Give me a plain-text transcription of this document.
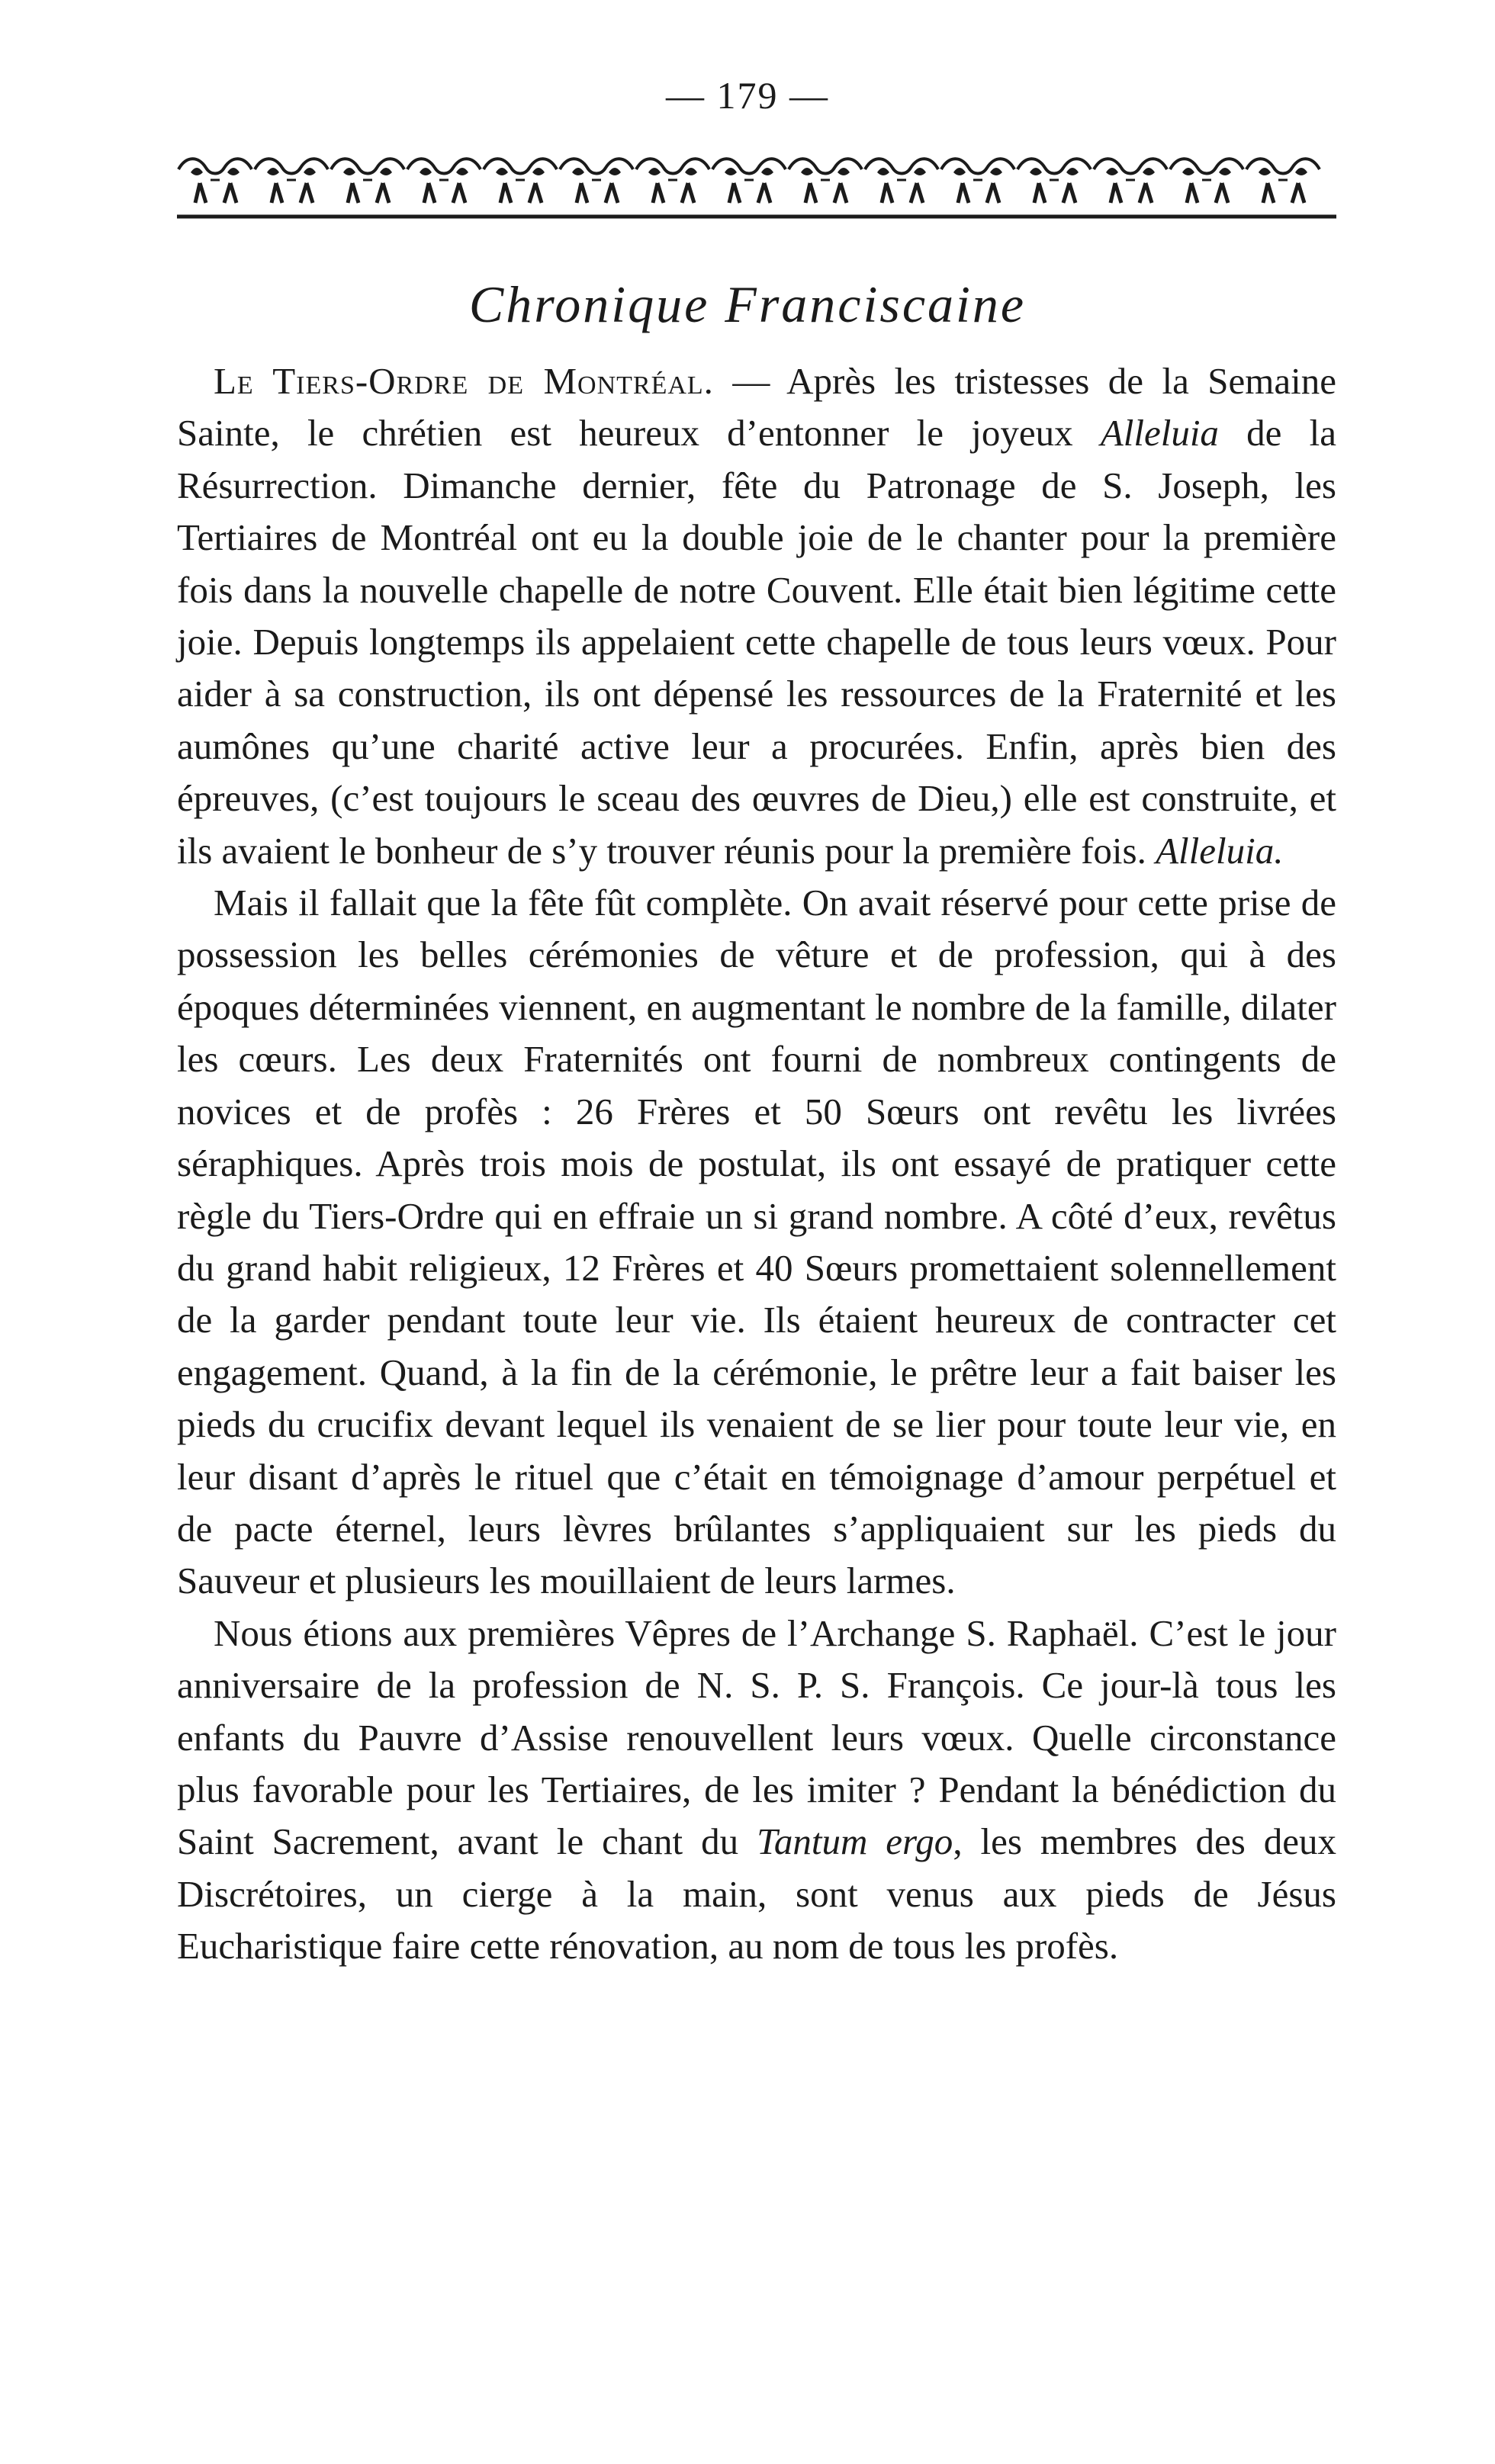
— 179 —
Chronique Franciscaine

Le Tiers-Ordre de Montréal. — Après les tristesses de la Semaine Sainte, le chrétien est heureux d’entonner le joyeux Alleluia de la Résurrection. Dimanche dernier, fête du Patronage de S. Joseph, les Tertiaires de Montréal ont eu la double joie de le chanter pour la première fois dans la nouvelle chapelle de notre Couvent. Elle était bien légitime cette joie. Depuis longtemps ils appelaient cette chapelle de tous leurs vœux. Pour aider à sa construction, ils ont dépensé les ressources de la Fraternité et les aumônes qu’une charité active leur a procurées. Enfin, après bien des épreuves, (c’est toujours le sceau des œuvres de Dieu,) elle est construite, et ils avaient le bonheur de s’y trouver réunis pour la première fois. Alleluia.

Mais il fallait que la fête fût complète. On avait réservé pour cette prise de possession les belles cérémonies de vêture et de profession, qui à des époques déterminées viennent, en augmentant le nombre de la famille, dilater les cœurs. Les deux Fraternités ont fourni de nombreux contingents de novices et de profès : 26 Frères et 50 Sœurs ont revêtu les livrées séraphiques. Après trois mois de postulat, ils ont essayé de pratiquer cette règle du Tiers-Ordre qui en effraie un si grand nombre. A côté d’eux, revêtus du grand habit religieux, 12 Frères et 40 Sœurs promettaient solennellement de la garder pendant toute leur vie. Ils étaient heureux de contracter cet engagement. Quand, à la fin de la cérémonie, le prêtre leur a fait baiser les pieds du crucifix devant lequel ils venaient de se lier pour toute leur vie, en leur disant d’après le rituel que c’était en témoignage d’amour perpétuel et de pacte éternel, leurs lèvres brûlantes s’appliquaient sur les pieds du Sauveur et plusieurs les mouillaient de leurs larmes.

Nous étions aux premières Vêpres de l’Archange S. Raphaël. C’est le jour anniversaire de la profession de N. S. P. S. François. Ce jour-là tous les enfants du Pauvre d’Assise renouvellent leurs vœux. Quelle circonstance plus favorable pour les Tertiaires, de les imiter ? Pendant la bénédiction du Saint Sacrement, avant le chant du Tantum ergo, les membres des deux Discrétoires, un cierge à la main, sont venus aux pieds de Jésus Eucharistique faire cette rénovation, au nom de tous les profès.
